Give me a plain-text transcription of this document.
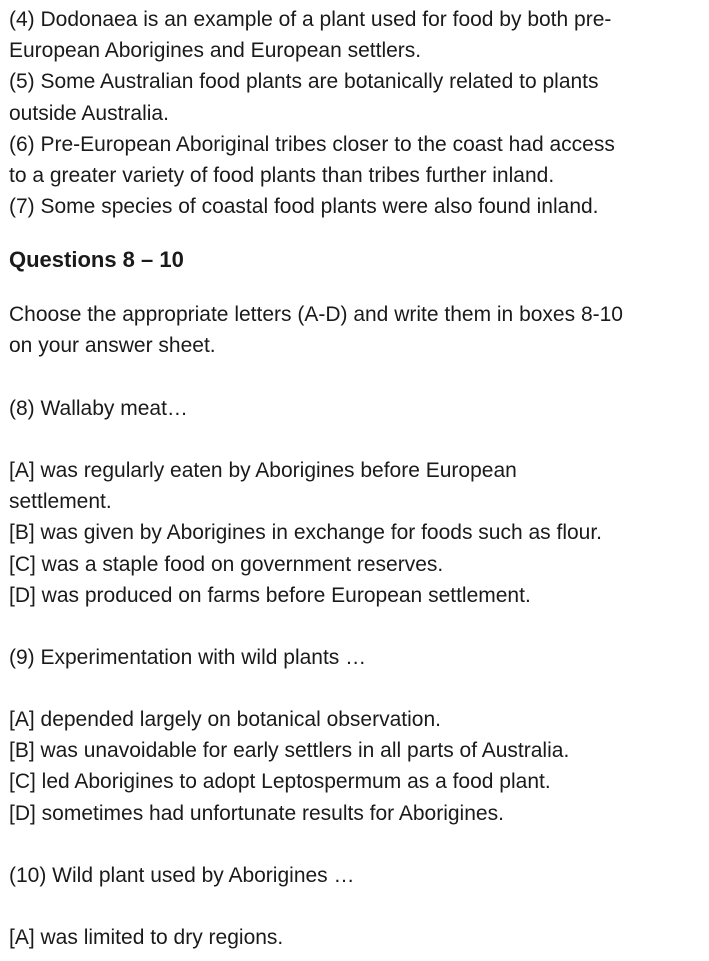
(4) Dodonaea is an example of a plant used for food by both pre-

European Aborigines and European settlers.

(5) Some Australian food plants are botanically related to plants

outside Australia.

(6) Pre-European Aboriginal tribes closer to the coast had access

to a greater variety of food plants than tribes further inland.

(7) Some species of coastal food plants were also found inland.

Questions 8 – 10

Choose the appropriate letters (A-D) and write them in boxes 8-10

on your answer sheet.

(8) Wallaby meat…

[A] was regularly eaten by Aborigines before European

settlement.

[B] was given by Aborigines in exchange for foods such as flour.

[C] was a staple food on government reserves.

[D] was produced on farms before European settlement.

(9) Experimentation with wild plants …

[A] depended largely on botanical observation.

[B] was unavoidable for early settlers in all parts of Australia.

[C] led Aborigines to adopt Leptospermum as a food plant.

[D] sometimes had unfortunate results for Aborigines.

(10) Wild plant used by Aborigines …

[A] was limited to dry regions.
